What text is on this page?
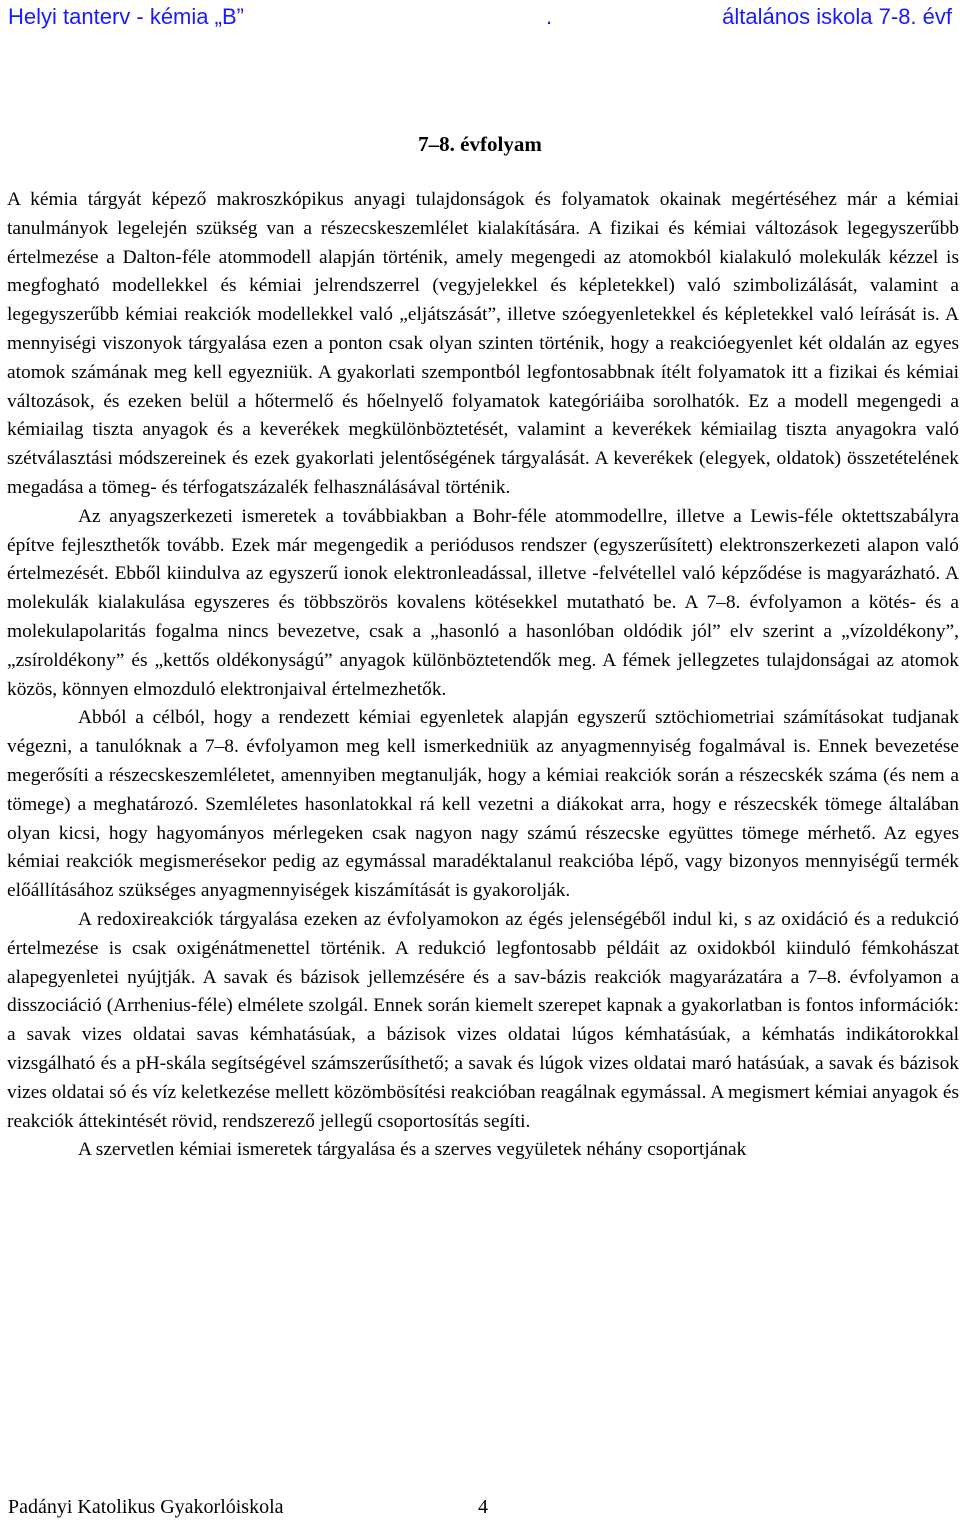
Helyi tanterv - kémia „B”	.	általános iskola 7-8. évf
7–8. évfolyam

A kémia tárgyát képező makroszkópikus anyagi tulajdonságok és folyamatok okainak megértéséhez már a kémiai tanulmányok legelején szükség van a részecskeszemlélet kialakítására. A fizikai és kémiai változások legegyszerűbb értelmezése a Dalton-féle atommodell alapján történik, amely megengedi az atomokból kialakuló molekulák kézzel is megfogható modellekkel és kémiai jelrendszerrel (vegyjelekkel és képletekkel) való szimbolizálását, valamint a legegyszerűbb kémiai reakciók modellekkel való „eljátszását”, illetve szóegyenletekkel és képletekkel való leírását is. A mennyiségi viszonyok tárgyalása ezen a ponton csak olyan szinten történik, hogy a reakcióegyenlet két oldalán az egyes atomok számának meg kell egyezniük. A gyakorlati szempontból legfontosabbnak ítélt folyamatok itt a fizikai és kémiai változások, és ezeken belül a hőtermelő és hőelnyelő folyamatok kategóriáiba sorolhatók. Ez a modell megengedi a kémiailag tiszta anyagok és a keverékek megkülönböztetését, valamint a keverékek kémiailag tiszta anyagokra való szétválasztási módszereinek és ezek gyakorlati jelentőségének tárgyalását. A keverékek (elegyek, oldatok) összetételének megadása a tömeg- és térfogatszázalék felhasználásával történik.

Az anyagszerkezeti ismeretek a továbbiakban a Bohr-féle atommodellre, illetve a Lewis-féle oktettszabályra építve fejleszthetők tovább. Ezek már megengedik a periódusos rendszer (egyszerűsített) elektronszerkezeti alapon való értelmezését. Ebből kiindulva az egyszerű ionok elektronleadással, illetve -felvétellel való képződése is magyarázható. A molekulák kialakulása egyszeres és többszörös kovalens kötésekkel mutatható be. A 7–8. évfolyamon a kötés- és a molekulapolaritás fogalma nincs bevezetve, csak a „hasonló a hasonlóban oldódik jól” elv szerint a „vízoldékony”, „zsíroldékony” és „kettős oldékonyságú” anyagok különböztetendők meg. A fémek jellegzetes tulajdonságai az atomok közös, könnyen elmozduló elektronjaival értelmezhetők.

Abból a célból, hogy a rendezett kémiai egyenletek alapján egyszerű sztöchiometriai számításokat tudjanak végezni, a tanulóknak a 7–8. évfolyamon meg kell ismerkedniük az anyagmennyiség fogalmával is. Ennek bevezetése megerősíti a részecskeszemléletet, amennyiben megtanulják, hogy a kémiai reakciók során a részecskék száma (és nem a tömege) a meghatározó. Szemléletes hasonlatokkal rá kell vezetni a diákokat arra, hogy e részecskék tömege általában olyan kicsi, hogy hagyományos mérlegeken csak nagyon nagy számú részecske együttes tömege mérhető. Az egyes kémiai reakciók megismerésekor pedig az egymással maradéktalanul reakcióba lépő, vagy bizonyos mennyiségű termék előállításához szükséges anyagmennyiségek kiszámítását is gyakorolják.

A redoxireakciók tárgyalása ezeken az évfolyamokon az égés jelenségéből indul ki, s az oxidáció és a redukció értelmezése is csak oxigénátmenettel történik. A redukció legfontosabb példáit az oxidokból kiinduló fémkohászat alapegyenletei nyújtják. A savak és bázisok jellemzésére és a sav-bázis reakciók magyarázatára a 7–8. évfolyamon a disszociáció (Arrhenius-féle) elmélete szolgál. Ennek során kiemelt szerepet kapnak a gyakorlatban is fontos információk: a savak vizes oldatai savas kémhatásúak, a bázisok vizes oldatai lúgos kémhatásúak, a kémhatás indikátorokkal vizsgálható és a pH-skála segítségével számszerűsíthető; a savak és lúgok vizes oldatai maró hatásúak, a savak és bázisok vizes oldatai só és víz keletkezése mellett közömbösítési reakcióban reagálnak egymással. A megismert kémiai anyagok és reakciók áttekintését rövid, rendszerező jellegű csoportosítás segíti.

A szervetlen kémiai ismeretek tárgyalása és a szerves vegyületek néhány csoportjának

Padányi Katolikus Gyakorlóiskola	4
